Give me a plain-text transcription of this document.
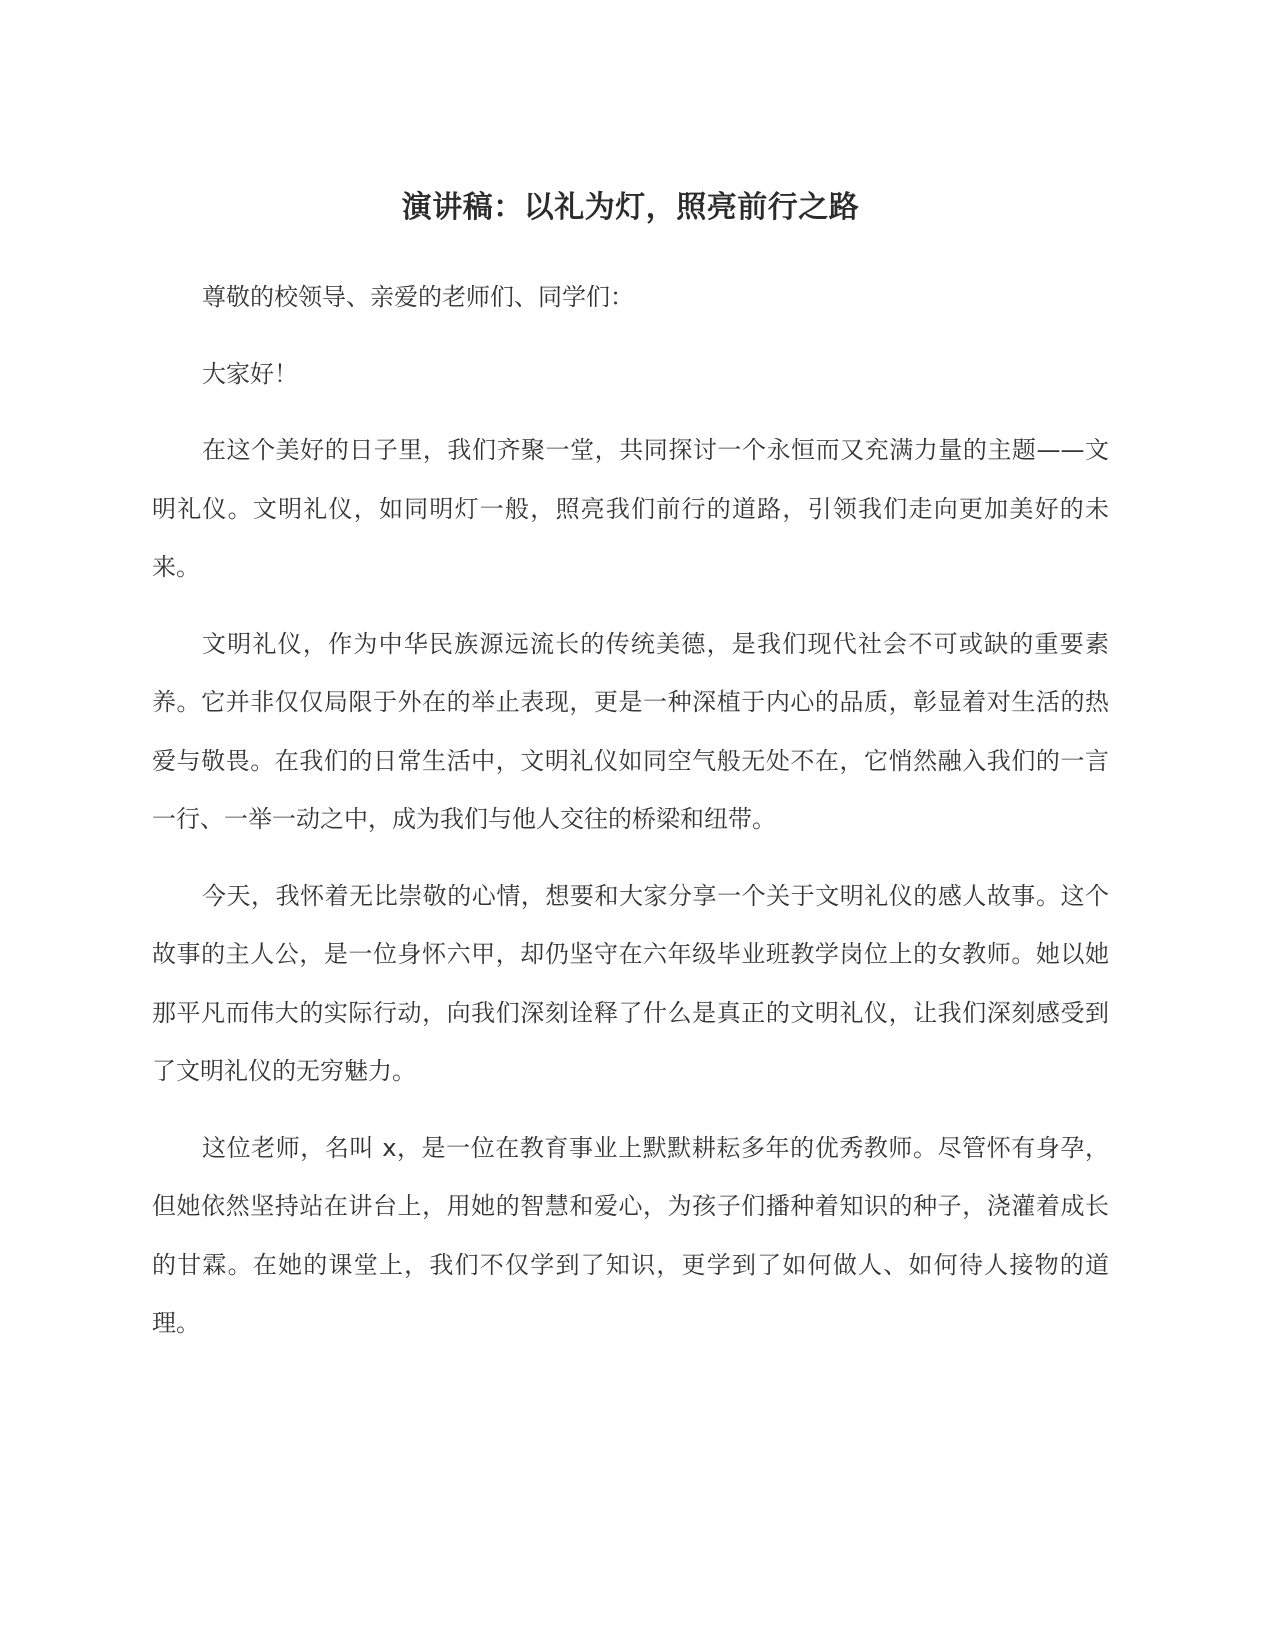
演讲稿：以礼为灯，照亮前行之路

尊敬的校领导、亲爱的老师们、同学们：

大家好！

在这个美好的日子里，我们齐聚一堂，共同探讨一个永恒而又充满力量的主题——文明礼仪。文明礼仪，如同明灯一般，照亮我们前行的道路，引领我们走向更加美好的未来。

文明礼仪，作为中华民族源远流长的传统美德，是我们现代社会不可或缺的重要素养。它并非仅仅局限于外在的举止表现，更是一种深植于内心的品质，彰显着对生活的热爱与敬畏。在我们的日常生活中，文明礼仪如同空气般无处不在，它悄然融入我们的一言一行、一举一动之中，成为我们与他人交往的桥梁和纽带。

今天，我怀着无比崇敬的心情，想要和大家分享一个关于文明礼仪的感人故事。这个故事的主人公，是一位身怀六甲，却仍坚守在六年级毕业班教学岗位上的女教师。她以她那平凡而伟大的实际行动，向我们深刻诠释了什么是真正的文明礼仪，让我们深刻感受到了文明礼仪的无穷魅力。

这位老师，名叫 x，是一位在教育事业上默默耕耘多年的优秀教师。尽管怀有身孕，但她依然坚持站在讲台上，用她的智慧和爱心，为孩子们播种着知识的种子，浇灌着成长的甘霖。在她的课堂上，我们不仅学到了知识，更学到了如何做人、如何待人接物的道理。
